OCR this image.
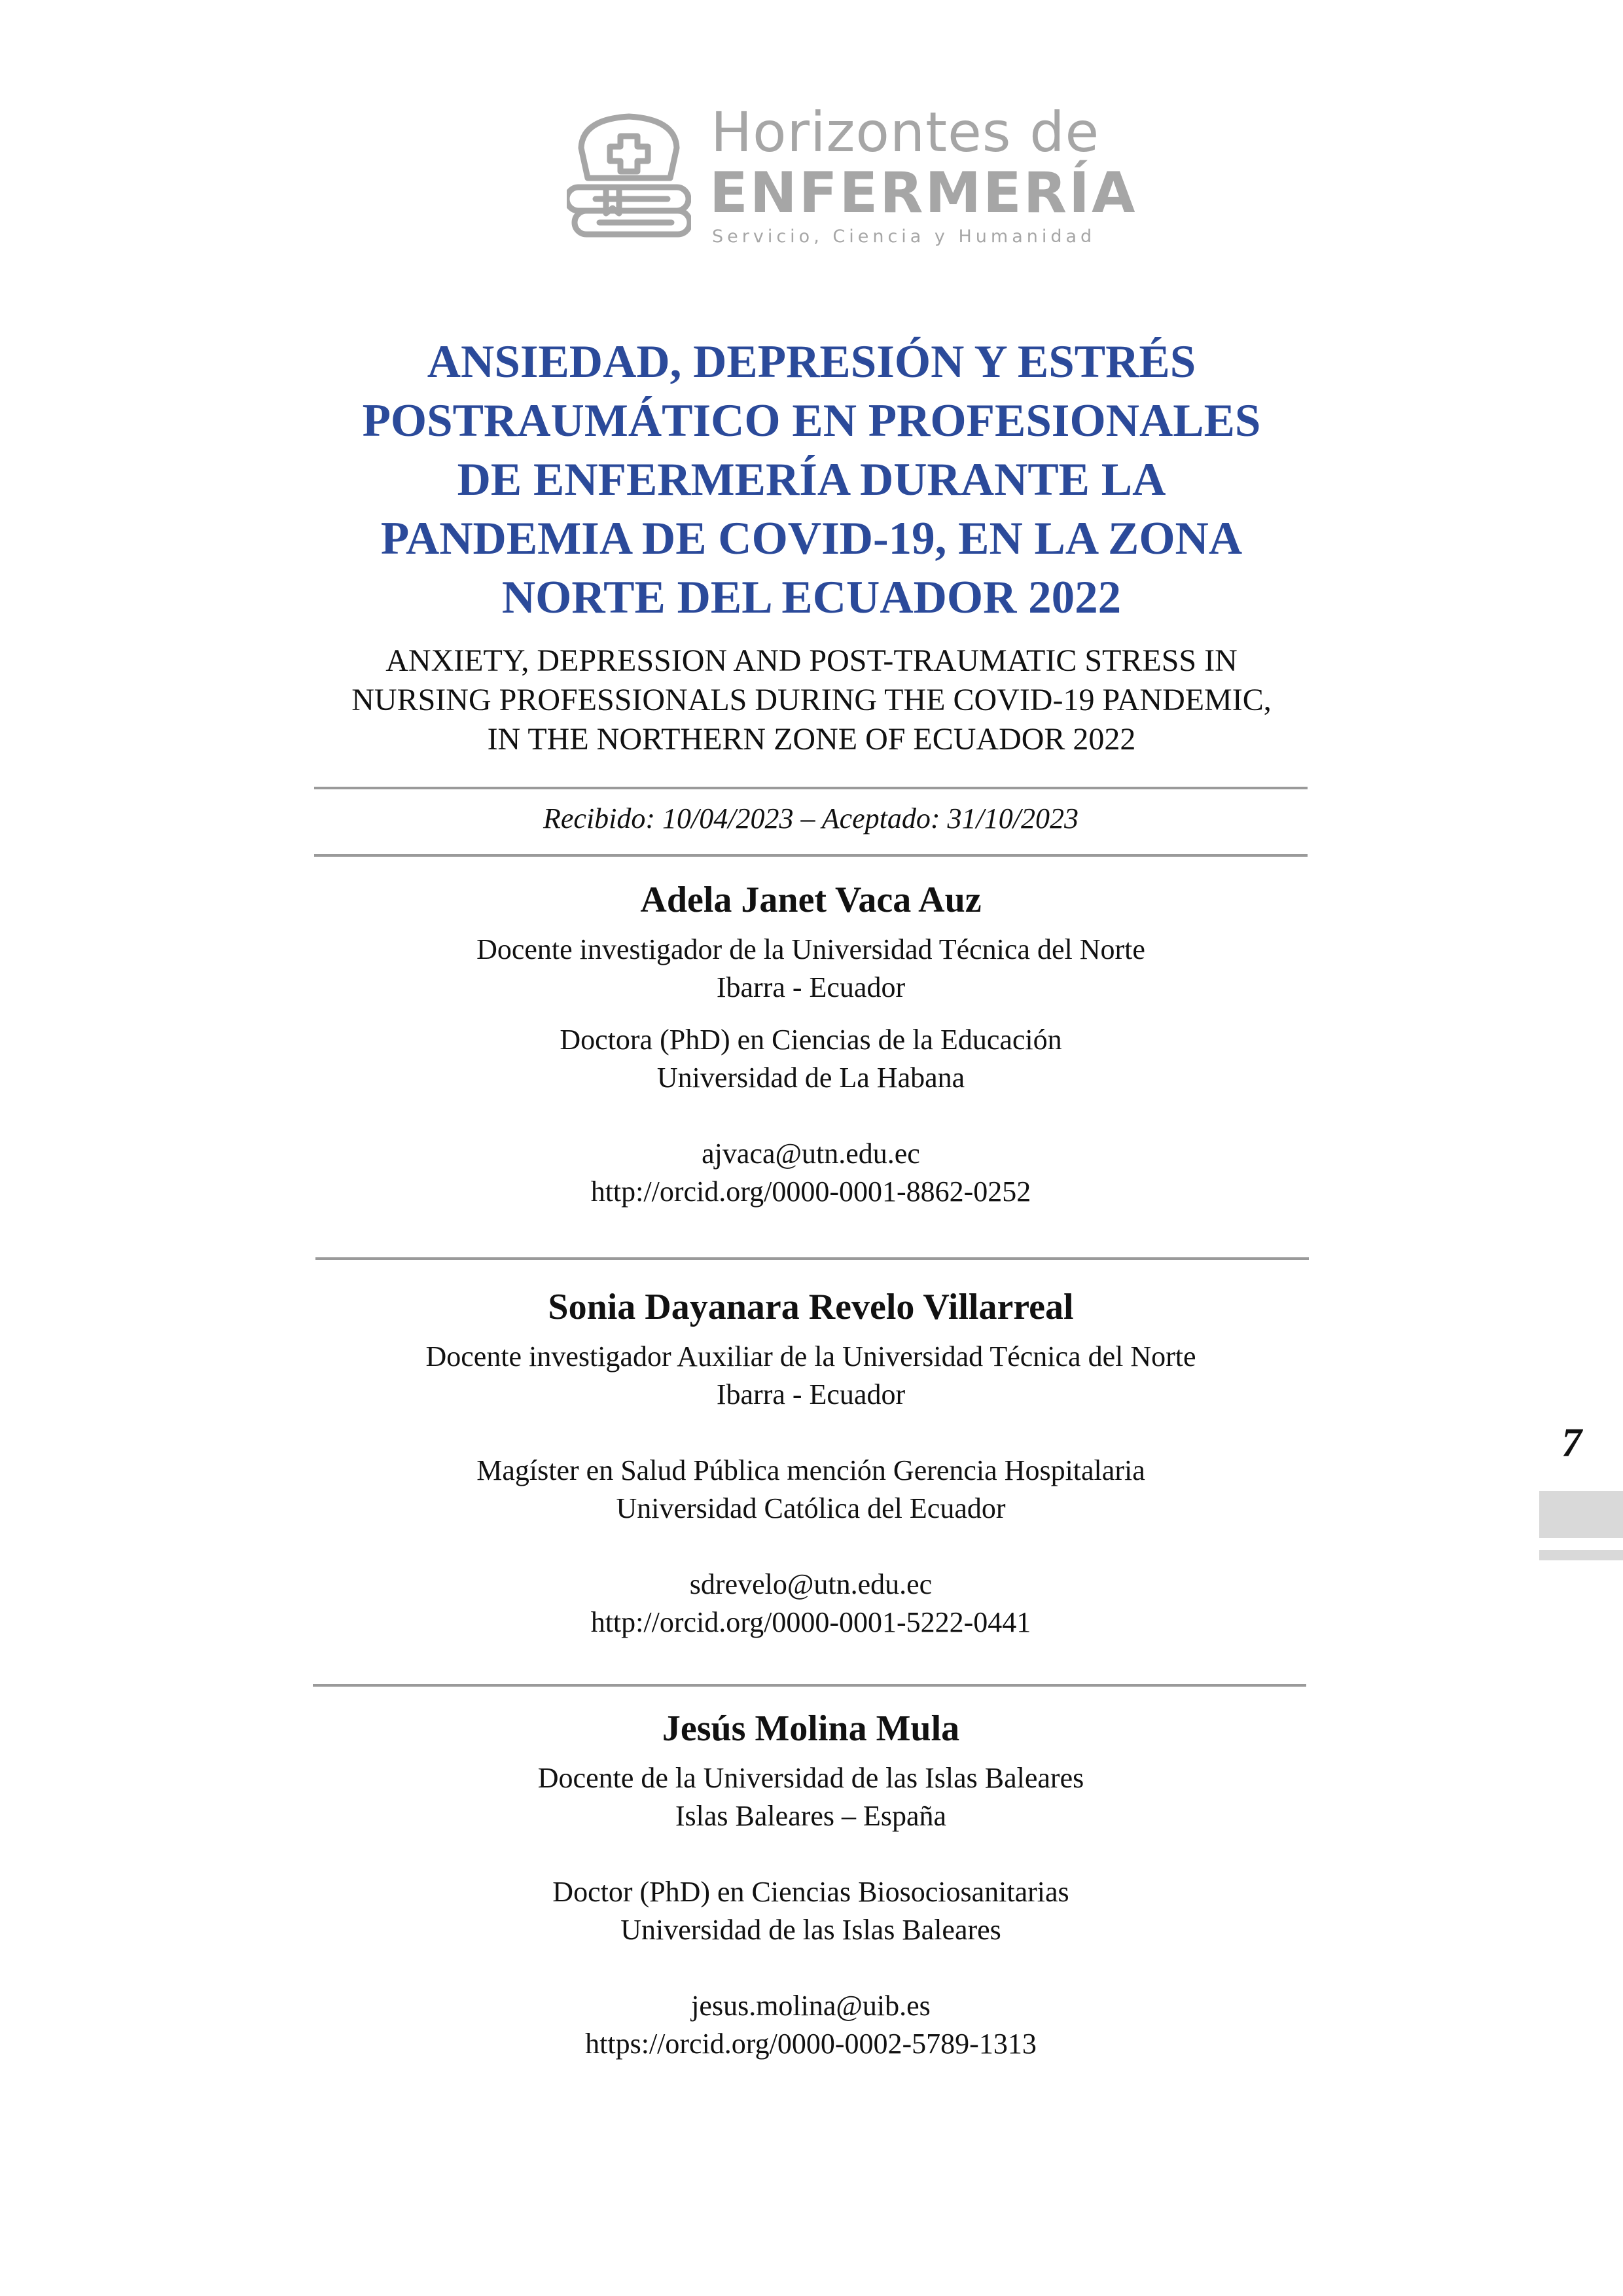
Horizontes de
ENFERMERÍA
Servicio, Ciencia y Humanidad
ANSIEDAD, DEPRESIÓN Y ESTRÉS
POSTRAUMÁTICO EN PROFESIONALES
DE ENFERMERÍA DURANTE LA
PANDEMIA DE COVID-19, EN LA ZONA
NORTE DEL ECUADOR 2022
ANXIETY, DEPRESSION AND POST-TRAUMATIC STRESS IN
NURSING PROFESSIONALS DURING THE COVID-19 PANDEMIC,
IN THE NORTHERN ZONE OF ECUADOR 2022
Recibido: 10/04/2023 – Aceptado: 31/10/2023

Adela Janet Vaca Auz

Docente investigador de la Universidad Técnica del Norte

Ibarra - Ecuador

Doctora (PhD) en Ciencias de la Educación

Universidad de La Habana

ajvaca@utn.edu.ec

http://orcid.org/0000-0001-8862-0252

Sonia Dayanara Revelo Villarreal

Docente investigador Auxiliar de la Universidad Técnica del Norte

Ibarra - Ecuador

Magíster en Salud Pública mención Gerencia Hospitalaria

Universidad Católica del Ecuador

sdrevelo@utn.edu.ec

http://orcid.org/0000-0001-5222-0441

Jesús Molina Mula

Docente de la Universidad de las Islas Baleares

Islas Baleares – España

Doctor (PhD) en Ciencias Biosociosanitarias

Universidad de las Islas Baleares

jesus.molina@uib.es

https://orcid.org/0000-0002-5789-1313

7
